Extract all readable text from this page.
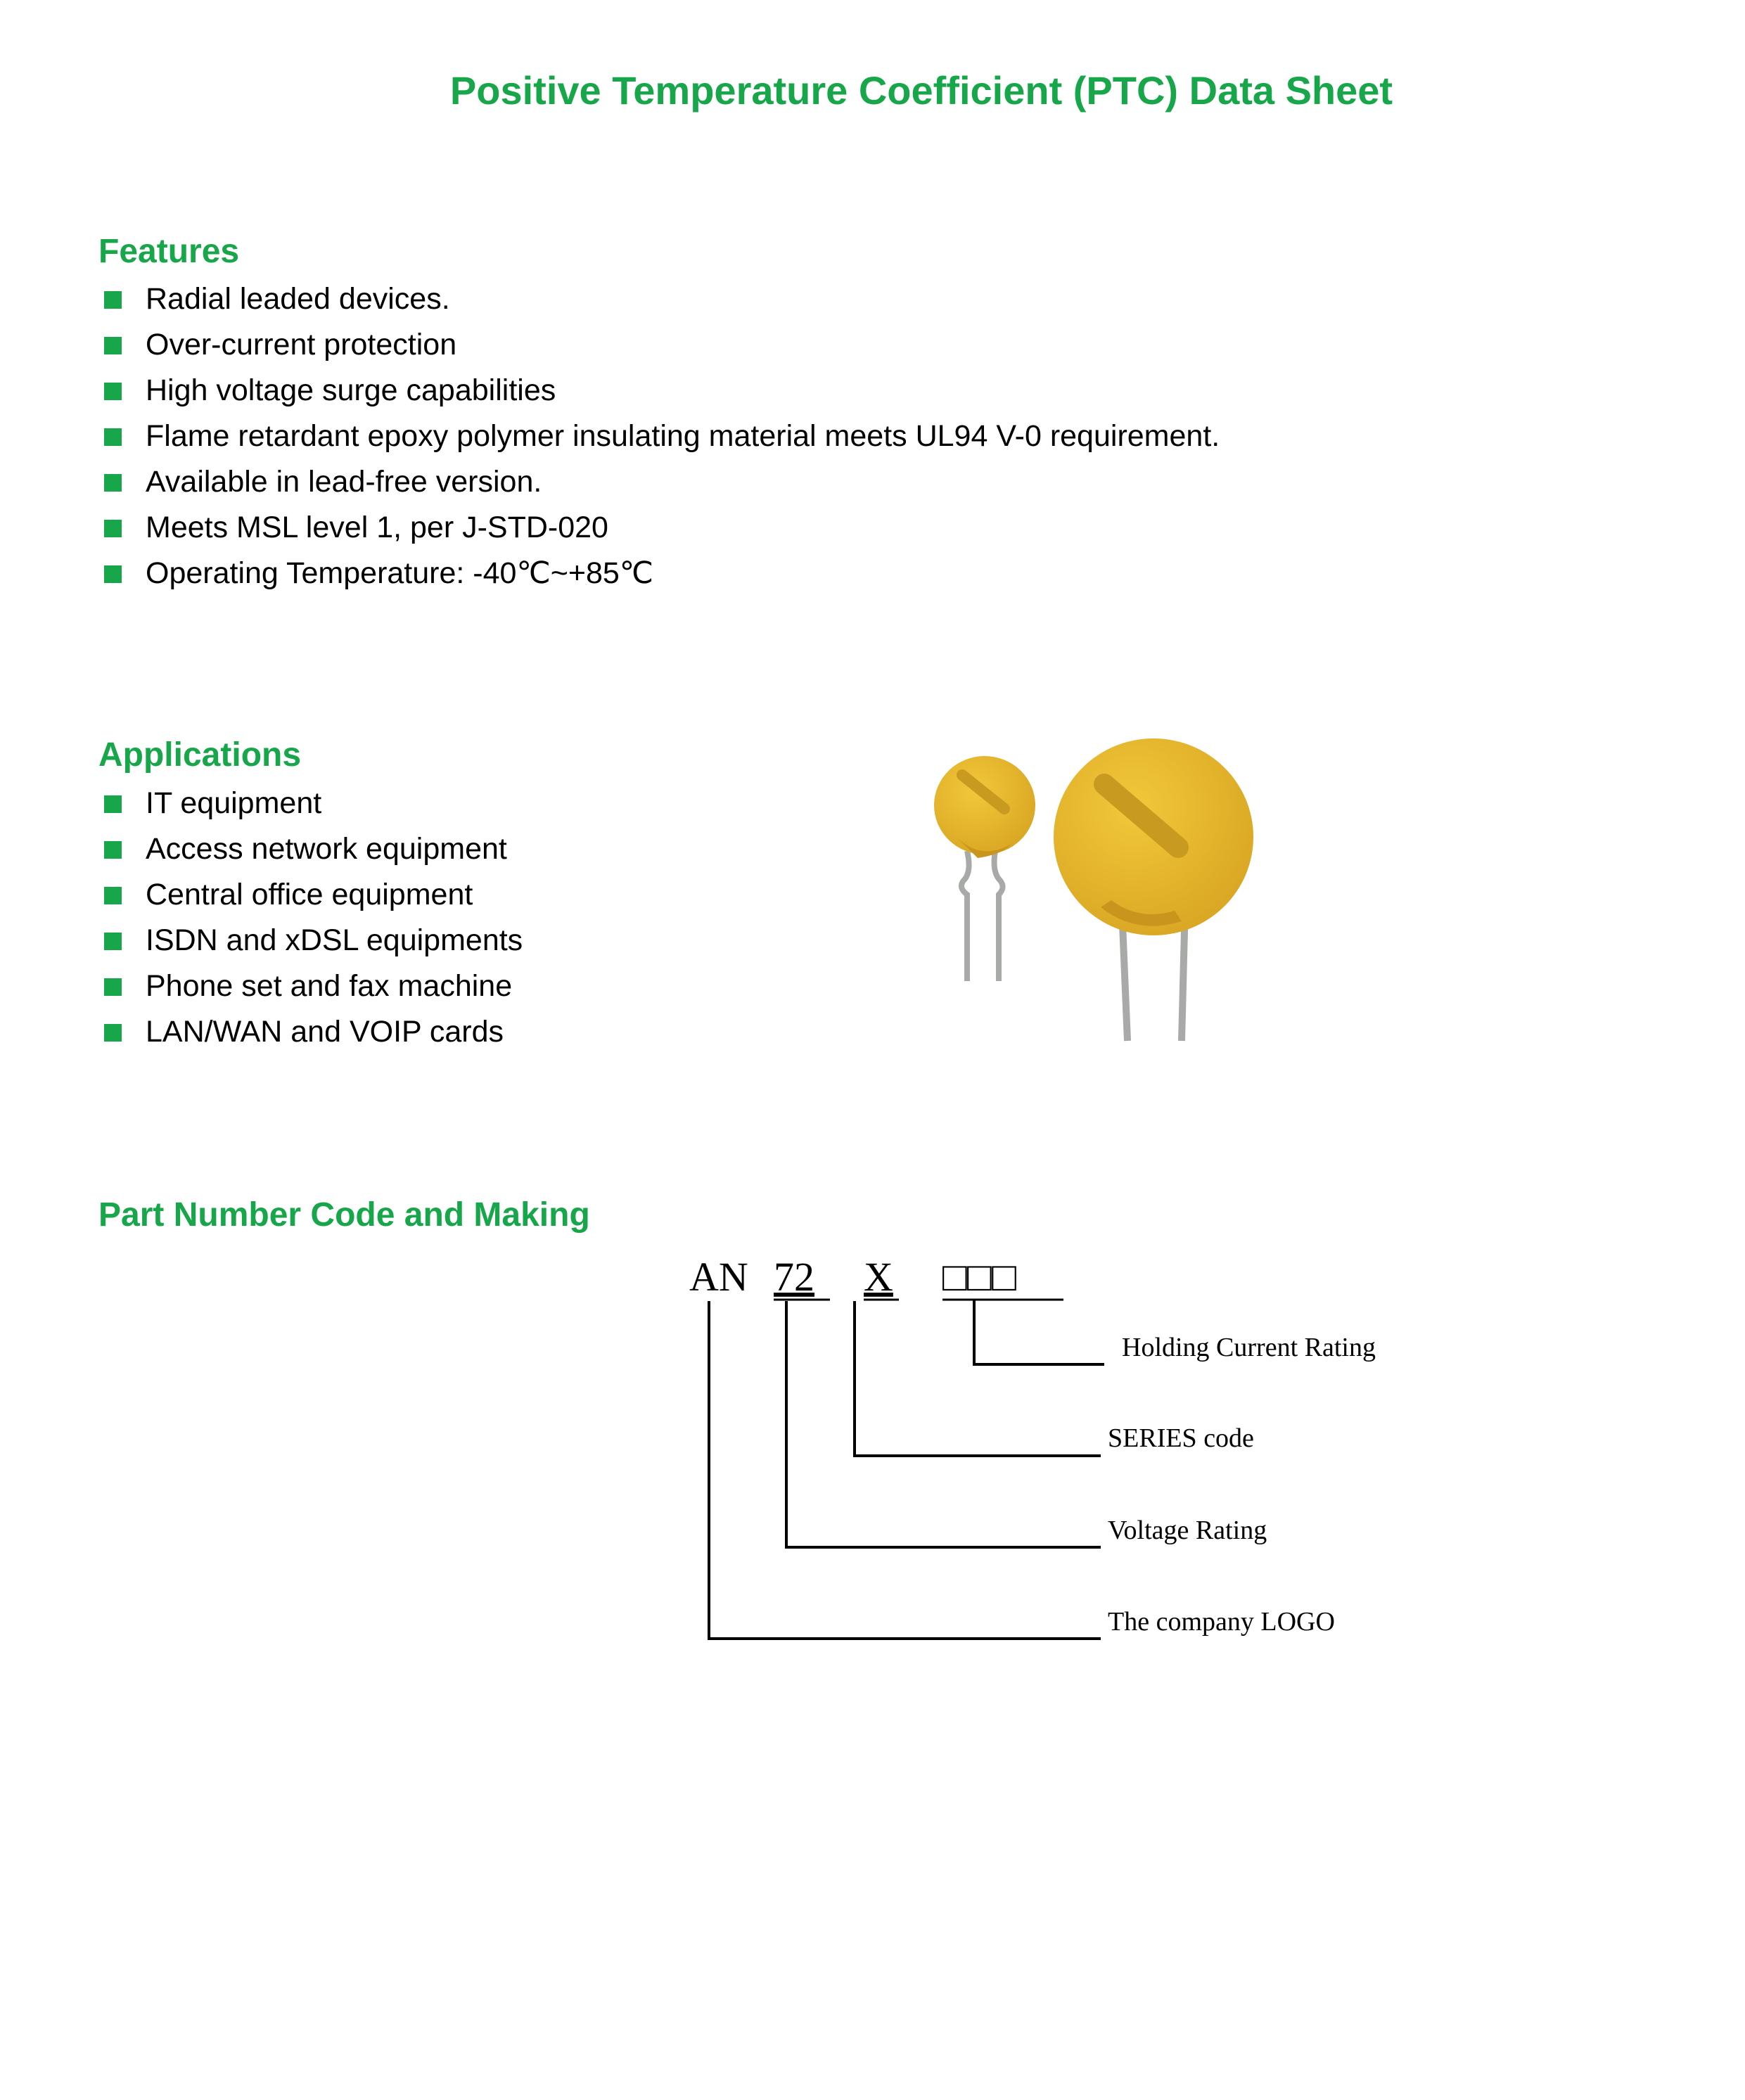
Positive Temperature Coefficient (PTC) Data Sheet
Features
Radial leaded devices.
Over-current protection
High voltage surge capabilities
Flame retardant epoxy polymer insulating material meets UL94 V-0 requirement.
Available in lead-free version.
Meets MSL level 1, per J-STD-020
Operating Temperature: -40℃~+85℃
Applications
IT equipment
Access network equipment
Central office equipment
ISDN and xDSL equipments
Phone set and fax machine
LAN/WAN and VOIP cards
Part Number Code and Making
AN 72 X □□□
Holding Current Rating
SERIES code
Voltage Rating
The company LOGO
